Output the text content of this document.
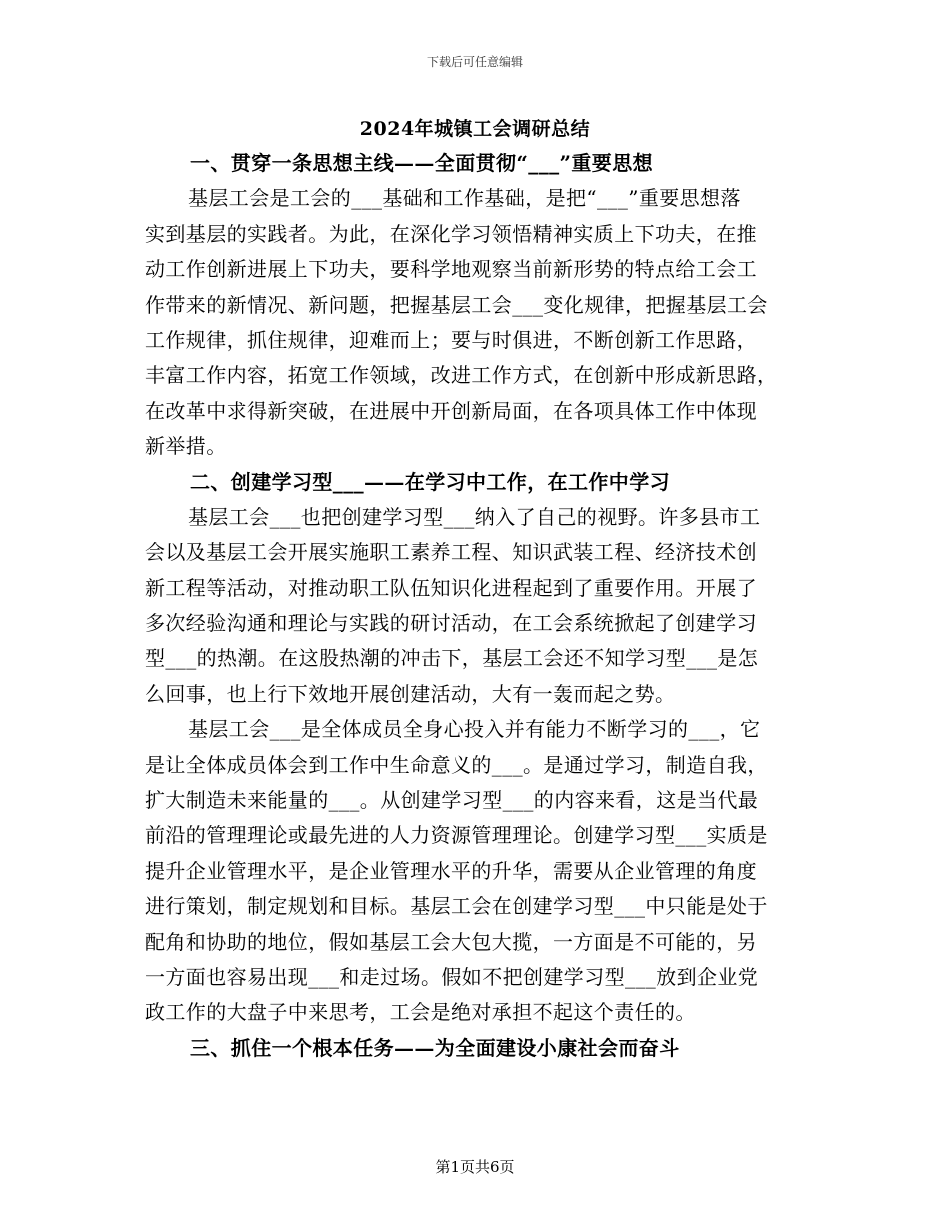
下载后可任意编辑
2024年城镇工会调研总结
一、贯穿一条思想主线——全面贯彻“___”重要思想
基层工会是工会的___基础和工作基础，是把“___”重要思想落
实到基层的实践者。为此，在深化学习领悟精神实质上下功夫，在推
动工作创新进展上下功夫，要科学地观察当前新形势的特点给工会工
作带来的新情况、新问题，把握基层工会___变化规律，把握基层工会
工作规律，抓住规律，迎难而上；要与时俱进，不断创新工作思路，
丰富工作内容，拓宽工作领域，改进工作方式，在创新中形成新思路，
在改革中求得新突破，在进展中开创新局面，在各项具体工作中体现
新举措。
二、创建学习型___——在学习中工作，在工作中学习
基层工会___也把创建学习型___纳入了自己的视野。许多县市工
会以及基层工会开展实施职工素养工程、知识武装工程、经济技术创
新工程等活动，对推动职工队伍知识化进程起到了重要作用。开展了
多次经验沟通和理论与实践的研讨活动，在工会系统掀起了创建学习
型___的热潮。在这股热潮的冲击下，基层工会还不知学习型___是怎
么回事，也上行下效地开展创建活动，大有一轰而起之势。
基层工会___是全体成员全身心投入并有能力不断学习的___，它
是让全体成员体会到工作中生命意义的___。是通过学习，制造自我，
扩大制造未来能量的___。从创建学习型___的内容来看，这是当代最
前沿的管理理论或最先进的人力资源管理理论。创建学习型___实质是
提升企业管理水平，是企业管理水平的升华，需要从企业管理的角度
进行策划，制定规划和目标。基层工会在创建学习型___中只能是处于
配角和协助的地位，假如基层工会大包大揽，一方面是不可能的，另
一方面也容易出现___和走过场。假如不把创建学习型___放到企业党
政工作的大盘子中来思考，工会是绝对承担不起这个责任的。
三、抓住一个根本任务——为全面建设小康社会而奋斗
第1页共6页
